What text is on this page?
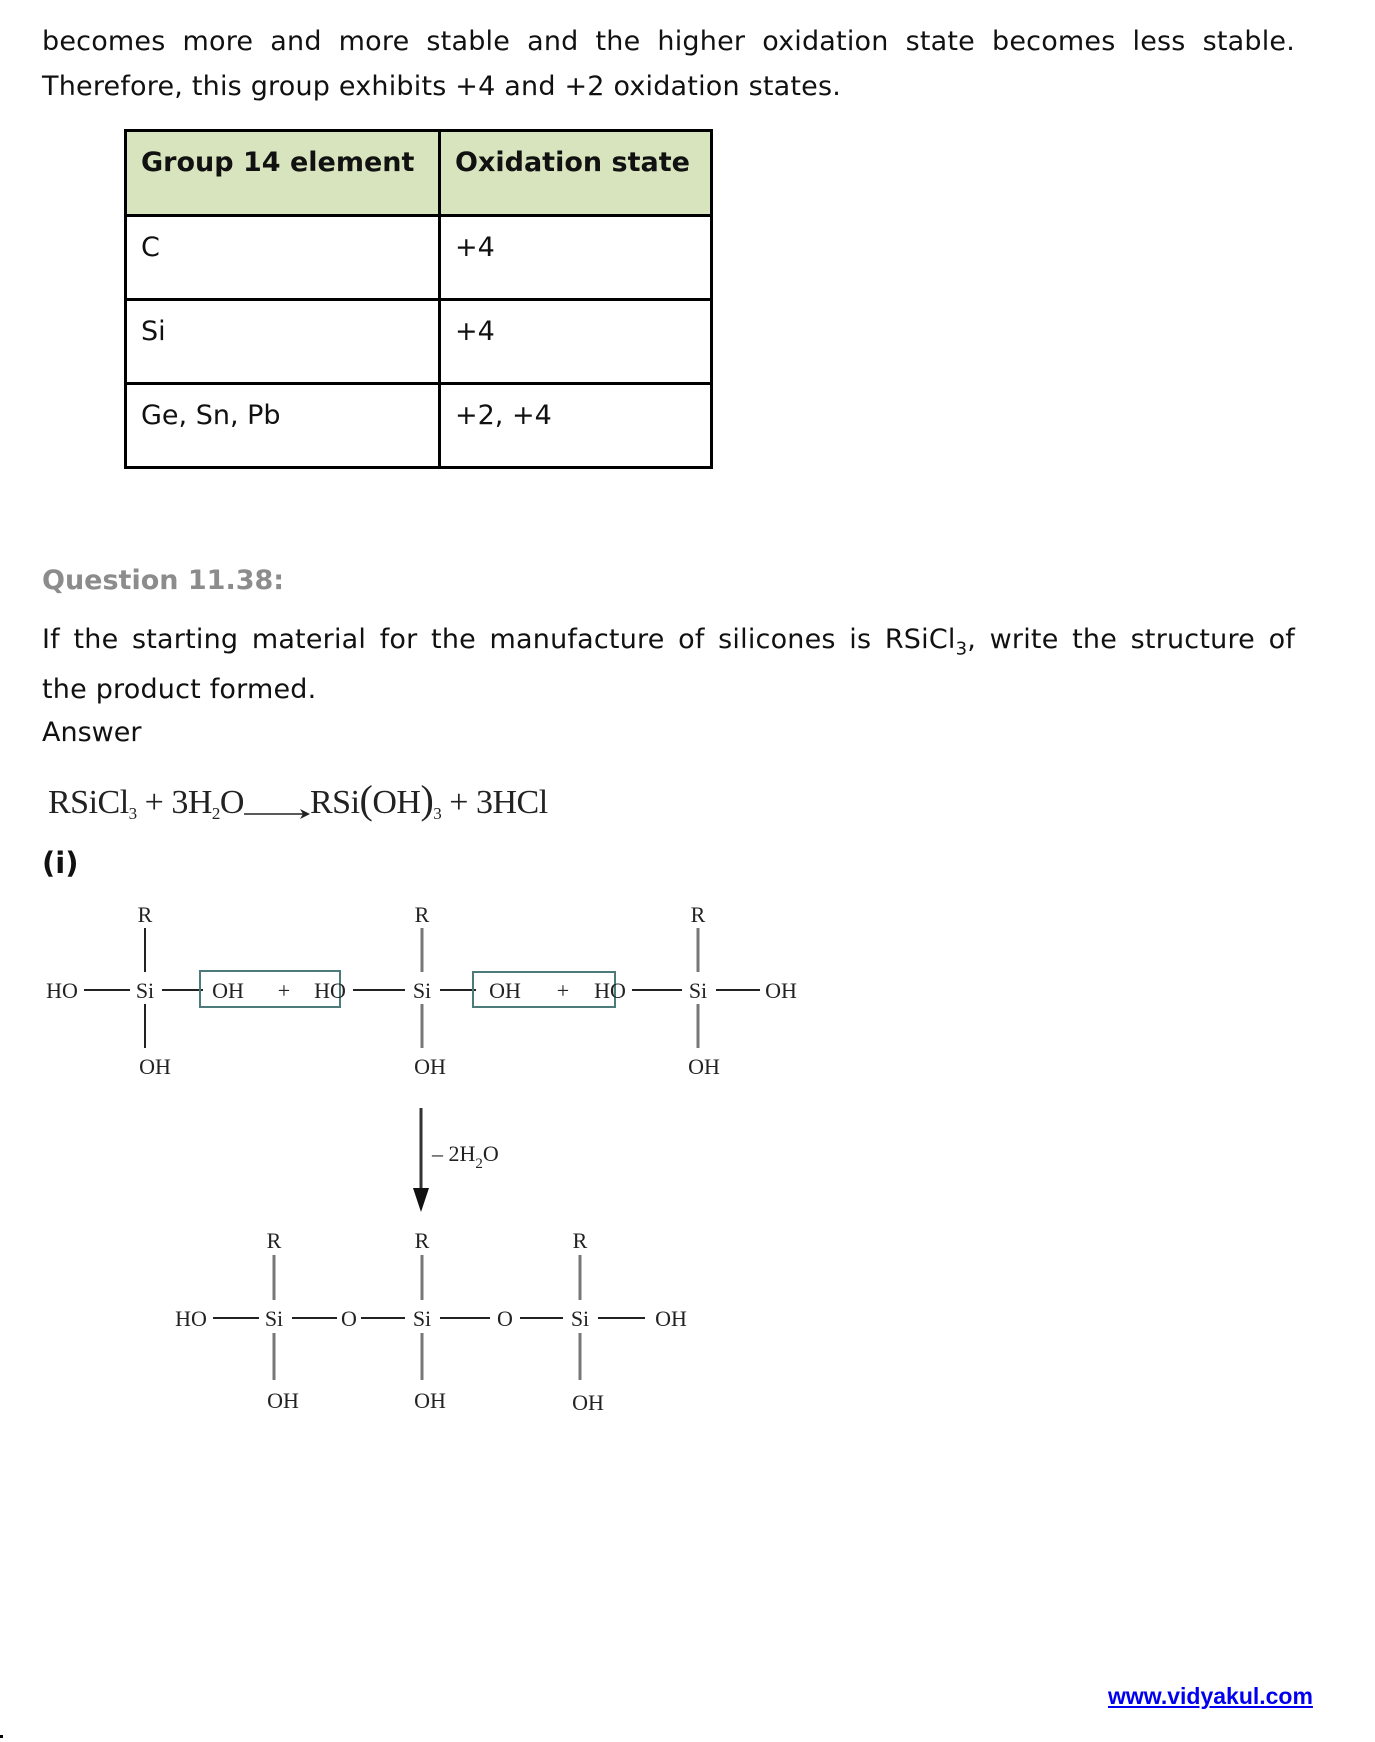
becomes more and more stable and the higher oxidation state becomes less stable.
Therefore, this group exhibits +4 and +2 oxidation states.
Group 14 element	Oxidation state
C	+4
Si	+4
Ge, Sn, Pb	+2, +4
Question 11.38:
If the starting material for the manufacture of silicones is RSiCl$_3$, write the structure of
the product formed.
Answer
RSiCl$_3$ + $3H_2O\to RSi(OH)_3 + 3HCl$
(i)
R
Si
OH
HO	OH + HO
R
Si
OH
OH + HO
R
Si
OH
OH
– $2H_2O$
HO
R
Si
OH
O
R
Si
OH
O
R
Si
OH
OH
www.vidyakul.com
